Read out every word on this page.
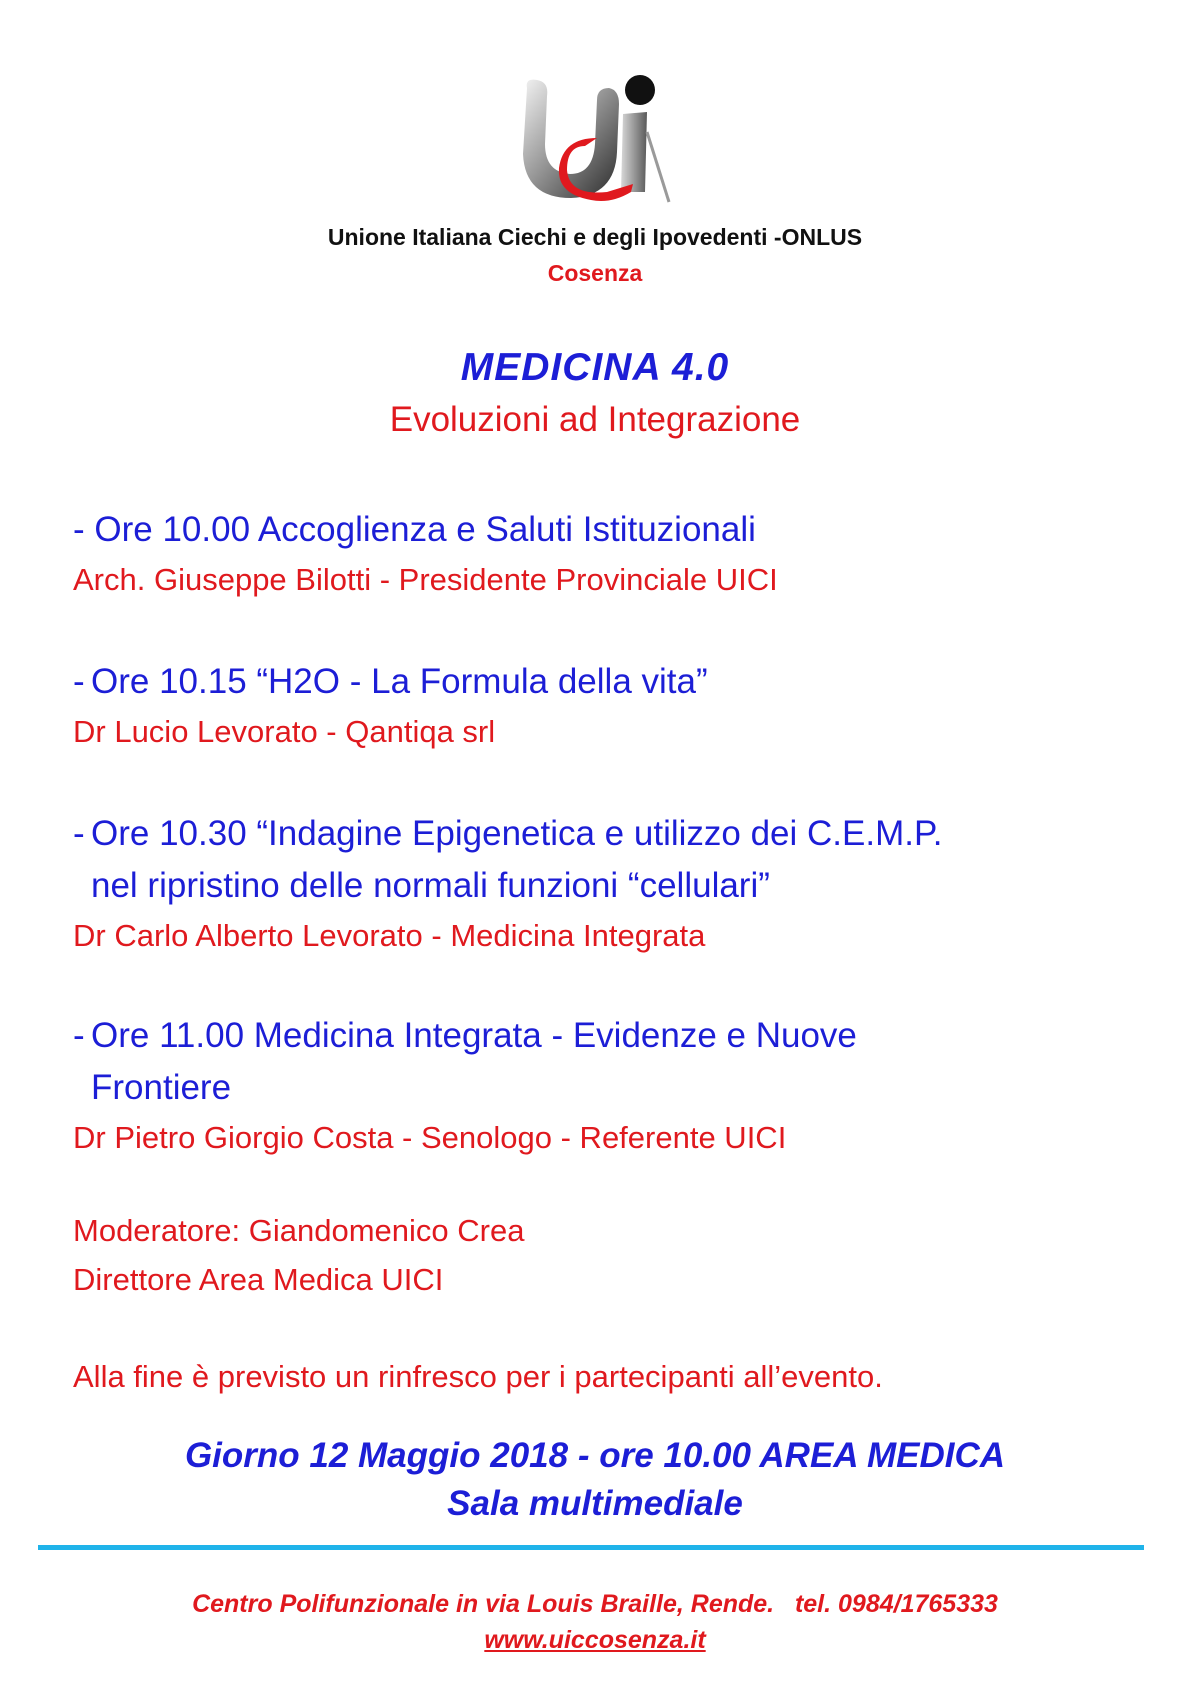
Unione Italiana Ciechi e degli Ipovedenti -ONLUS
Cosenza
MEDICINA 4.0
Evoluzioni ad Integrazione
- Ore 10.00 Accoglienza e Saluti Istituzionali
Arch. Giuseppe Bilotti - Presidente Provinciale UICI
- Ore 10.15 “H2O - La Formula della vita”
Dr Lucio Levorato - Qantiqa srl
- Ore 10.30 “Indagine Epigenetica e utilizzo dei C.E.M.P.
nel ripristino delle normali funzioni “cellulari”
Dr Carlo Alberto Levorato - Medicina Integrata
- Ore 11.00 Medicina Integrata - Evidenze e Nuove
Frontiere
Dr Pietro Giorgio Costa - Senologo - Referente UICI
Moderatore: Giandomenico Crea
Direttore Area Medica UICI
Alla fine è previsto un rinfresco per i partecipanti all’evento.
Giorno 12 Maggio 2018 - ore 10.00 AREA MEDICA
Sala multimediale
Centro Polifunzionale in via Louis Braille, Rende.   tel. 0984/1765333
www.uiccosenza.it
